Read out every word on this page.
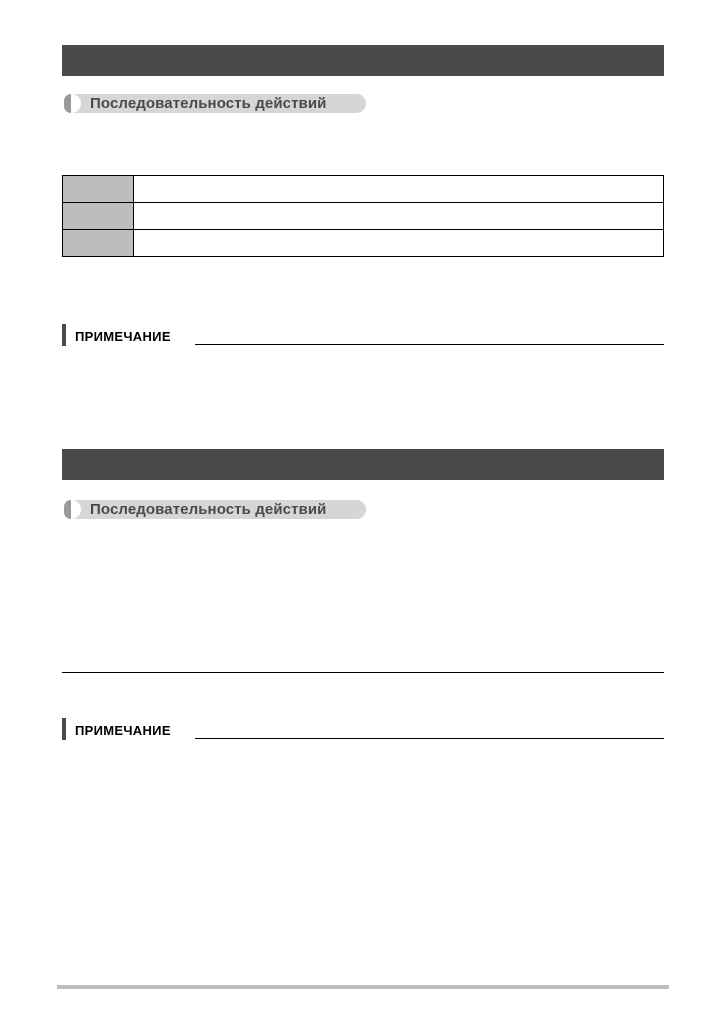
Последовательность действий

ПРИМЕЧАНИЕ
Последовательность действий
ПРИМЕЧАНИЕ
